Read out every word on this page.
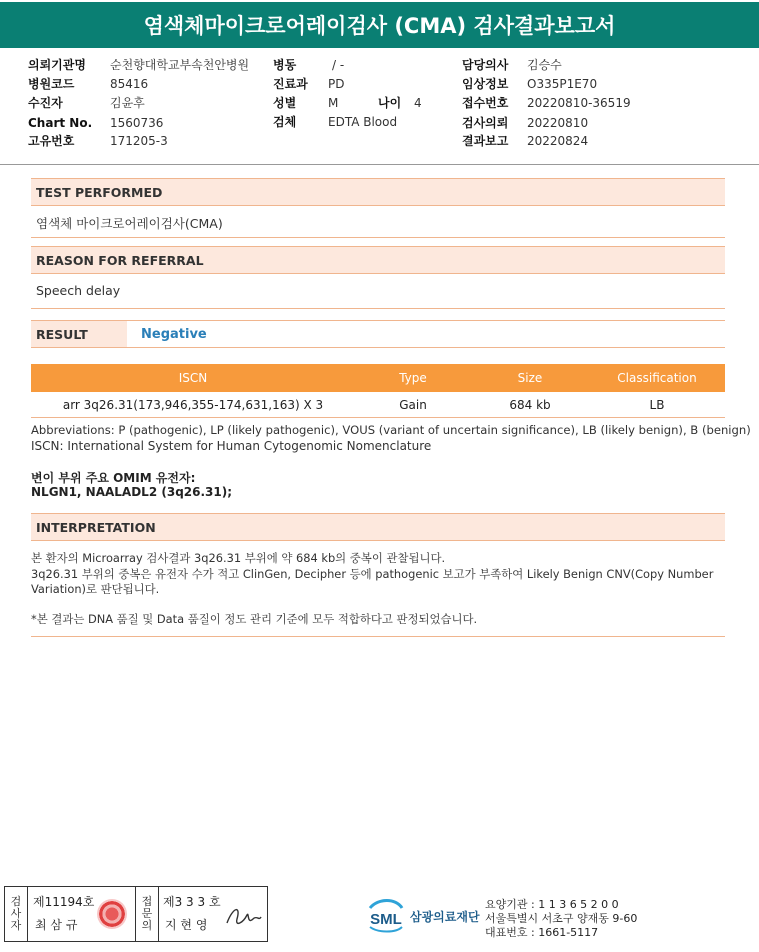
염색체마이크로어레이검사 (CMA) 검사결과보고서
의뢰기관명 순천향대학교부속천안병원
병원코드	85416
수진자	김윤후
Chart No. 1560736
고유번호	171205-3
병동	/ -
진료과 PD
성별	M	나이 4
검체	EDTA Blood
담당의사 김승수
임상정보 O335P1E70
접수번호 20220810-36519
검사의뢰 20220810
결과보고 20220824
TEST PERFORMED
염색체 마이크로어레이검사(CMA)
REASON FOR REFERRAL
Speech delay
RESULT	Negative
ISCN	Type	Size	Classification
arr 3q26.31(173,946,355-174,631,163) X 3	Gain	684 kb	LB
Abbreviations: P (pathogenic), LP (likely pathogenic), VOUS (variant of uncertain significance), LB (likely benign), B (benign)
ISCN: International System for Human Cytogenomic Nomenclature
변이 부위 주요 OMIM 유전자:
NLGN1, NAALADL2 (3q26.31);
INTERPRETATION
본 환자의 Microarray 검사결과 3q26.31 부위에 약 684 kb의 중복이 관찰됩니다.
3q26.31 부위의 중복은 유전자 수가 적고 ClinGen, Decipher 등에 pathogenic 보고가 부족하여 Likely Benign CNV(Copy Number
Variation)로 판단됩니다.
*본 결과는 DNA 품질 및 Data 품질이 정도 관리 기준에 모두 적합하다고 판정되었습니다.
검
사
자
제11194호
최 삼 규
접
문
의
제3 3 3 호
지 현 영	SML 삼광의료재단
요양기관 : 1 1 3 6 5 2 0 0
서울특별시 서초구 양재동 9-60
대표번호 : 1661-5117
